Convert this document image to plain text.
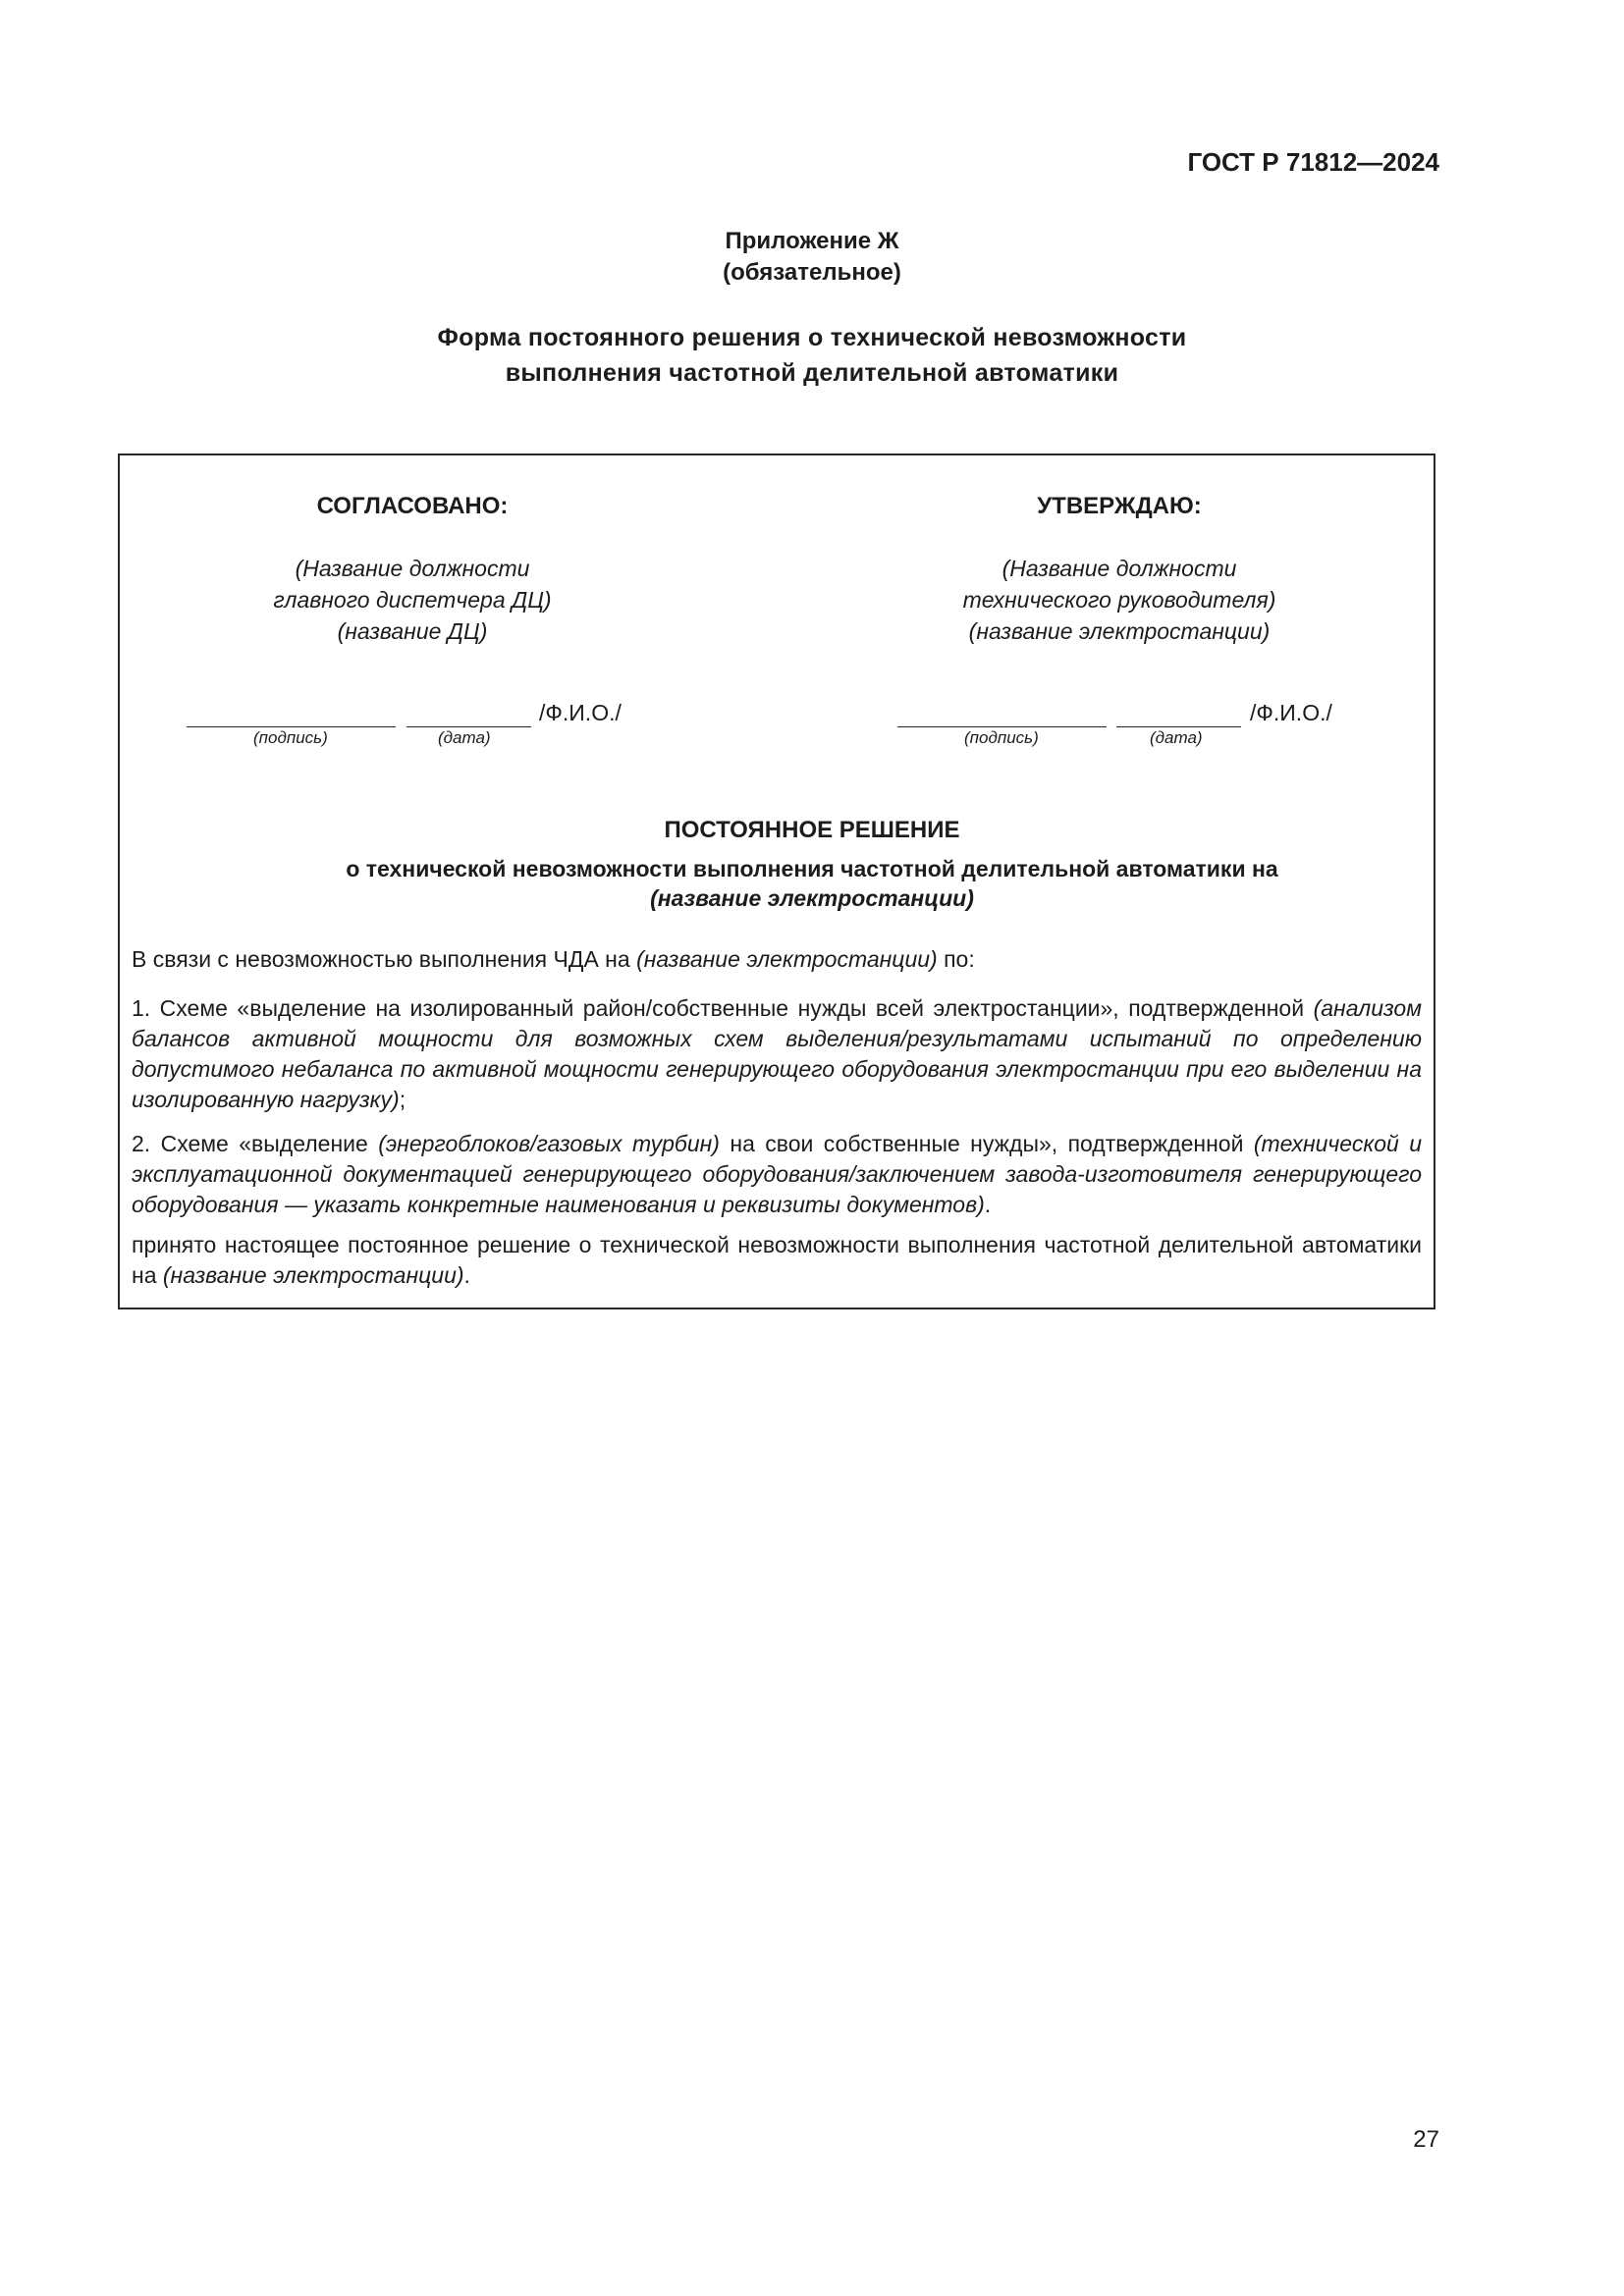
ГОСТ Р 71812—2024
Приложение Ж
(обязательное)
Форма постоянного решения о технической невозможности
выполнения частотной делительной автоматики
СОГЛАСОВАНО:
(Название должности
главного диспетчера ДЦ)
(название ДЦ)
/Ф.И.О./
(подпись)	(дата)
УТВЕРЖДАЮ:
(Название должности
технического руководителя)
(название электростанции)
/Ф.И.О./
(подпись)	(дата)
ПОСТОЯННОЕ РЕШЕНИЕ
о технической невозможности выполнения частотной делительной автоматики на
(название электростанции)
В связи с невозможностью выполнения ЧДА на (название электростанции) по:
1. Схеме «выделение на изолированный район/собственные нужды всей электростанции», подтвержденной (анализом балансов активной мощности для возможных схем выделения/результатами испытаний по определению допустимого небаланса по активной мощности генерирующего оборудования электростанции при его выделении на изолированную нагрузку);
2. Схеме «выделение (энергоблоков/газовых турбин) на свои собственные нужды», подтвержденной (технической и эксплуатационной документацией генерирующего оборудования/заключением завода-изготовителя генерирующего оборудования — указать конкретные наименования и реквизиты документов).
принято настоящее постоянное решение о технической невозможности выполнения частотной делительной автоматики на (название электростанции).
27
